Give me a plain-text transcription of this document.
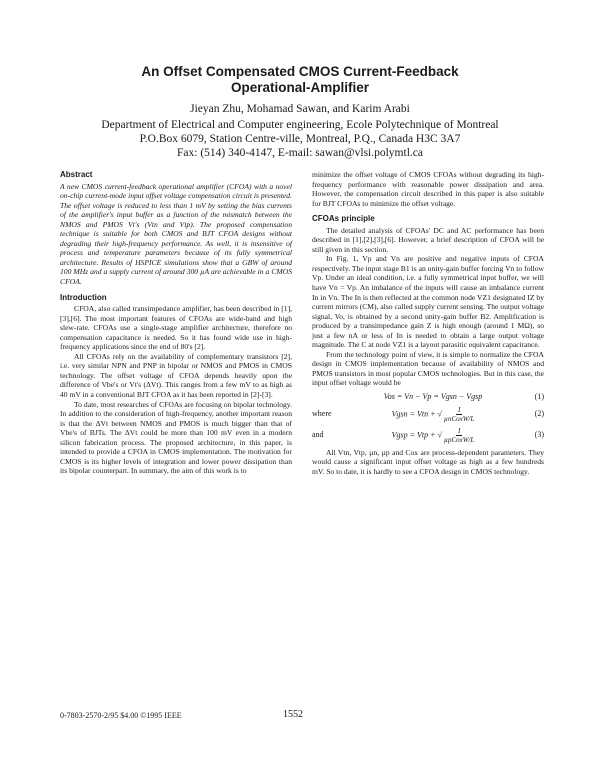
An Offset Compensated CMOS Current-Feedback
Operational-Amplifier
Jieyan Zhu, Mohamad Sawan, and Karim Arabi
Department of Electrical and Computer engineering, Ecole Polytechnique of Montreal
P.O.Box 6079, Station Centre-ville, Montreal, P.Q., Canada H3C 3A7
Fax: (514) 340-4147, E-mail: sawan@vlsi.polymtl.ca

Abstract

A new CMOS current-feedback operational amplifier (CFOA) with a novel on-chip current-mode input offset voltage compensation circuit is presented. The offset voltage is reduced to less than 1 mV by setting the bias currents of the amplifier's input buffer as a function of the mismatch between the NMOS and PMOS Vt's (Vtn and Vtp). The proposed compensation technique is suitable for both CMOS and BJT CFOA designs without degrading their high-frequency performance. As well, it is insensitive of process and temperature parameters because of its fully symmetrical architecture. Results of HSPICE simulations show that a GBW of around 100 MHz and a supply current of around 300 µA are achievable in a CMOS CFOA.

Introduction

CFOA, also called transimpedance amplifier, has been described in [1],[3],[6]. The most important features of CFOAs are wide-band and high slew-rate. CFOAs use a single-stage amplifier architecture, therefore no compensation capacitance is needed. So it has found wide use in high-frequency applications since the end of 80's [2].

All CFOAs rely on the availability of complementary transistors [2], i.e. very similar NPN and PNP in bipolar or NMOS and PMOS in CMOS technology. The offset voltage of CFOA depends heavily upon the difference of Vbe's or Vt's (ΔVt). This ranges from a few mV to as high as 40 mV in a conventional BJT CFOA as it has been reported in [2]-[3].

To date, most researches of CFOAs are focusing on bipolar technology. In addition to the consideration of high-frequency, another important reason is that the ΔVt between NMOS and PMOS is much bigger than that of Vbe's of BJTs. The ΔVt could be more than 100 mV even in a modern silicon fabrication process. The proposed architecture, in this paper, is intended to provide a CFOA in CMOS implementation. The motivation for CMOS is its higher levels of integration and lower power dissipation than its bipolar counterpart. In summary, the aim of this work is to

minimize the offset voltage of CMOS CFOAs without degrading its high-frequency performance with reasonable power dissipation and area. However, the compensation circuit described in this paper is also suitable for BJT CFOAs to minimize the offset voltage.

CFOAs principle

The detailed analysis of CFOAs' DC and AC performance has been described in [1],[2],[3],[6]. However, a brief description of CFOA will be still given in this section.

In Fig. 1, Vp and Vn are positive and negative inputs of CFOA respectively. The input stage B1 is an unity-gain buffer forcing Vn to follow Vp. Under an ideal condition, i.e. a fully symmetrical input buffer, we will have Vn = Vp. An imbalance of the inputs will cause an imbalance current In in Vn. The In is then reflected at the common node VZ1 designated IZ by current mirrors (CM), also called supply current sensing. The output voltage signal, Vo, is obtained by a second unity-gain buffer B2. Amplification is produced by a transimpedance gain Z is high enough (around 1 MΩ), so just a few nA or less of In is needed to obtain a large output voltage magnitude. The C at node VZ1 is a layout parasitic equivalent capacitance.

From the technology point of view, it is simple to normalize the CFOA design in CMOS implementation because of availability of NMOS and PMOS transistors in most popular CMOS technologies. But in this case, the input offset voltage would be

Vos = Vn − Vp = Vgsn − Vgsp	(1)
where	Vgsn = Vtn + √ $\frac{I}{\text{µnCoxW/L}}$	(2)
and	Vgsp = Vtp + √ $\frac{I}{\text{µpCoxW/L}}$	(3)

All Vtn, Vtp, µn, µp and Cox are process-dependent parameters. They would cause a significant input offset voltage as high as a few hundreds mV. So to date, it is hardly to see a CFOA design in CMOS technology.

0-7803-2570-2/95 $4.00 ©1995 IEEE	1552
